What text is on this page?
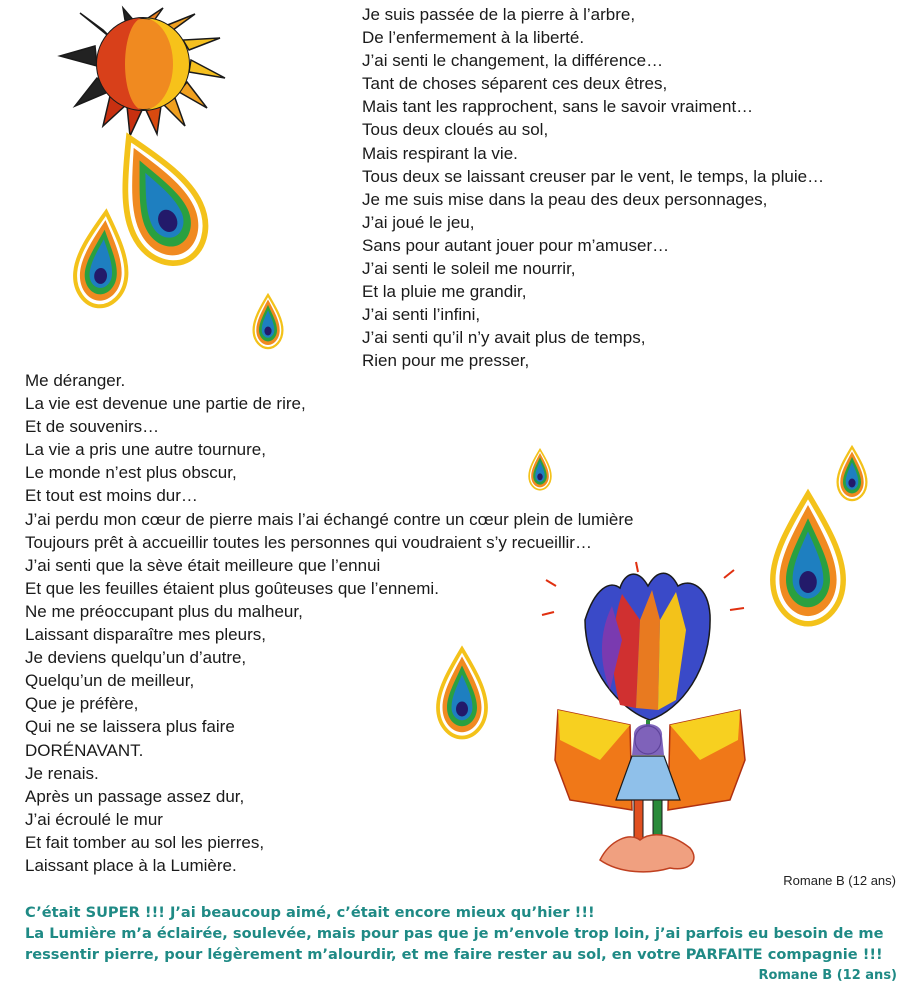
Je suis passée de la pierre à l’arbre,
De l’enfermement à la liberté.
J’ai senti le changement, la différence…
Tant de choses séparent ces deux êtres,
Mais tant les rapprochent, sans le savoir vraiment…
Tous deux cloués au sol,
Mais respirant la vie.
Tous deux se laissant creuser par le vent, le temps, la pluie…
Je me suis mise dans la peau des deux personnages,
J’ai joué le jeu,
Sans pour autant jouer pour m’amuser…
J’ai senti le soleil me nourrir,
Et la pluie me grandir,
J’ai senti l’infini,
J’ai senti qu’il n’y avait plus de temps,
Rien pour me presser,
Me déranger.
La vie est devenue une partie de rire,
Et de souvenirs…
La vie a pris une autre tournure,
Le monde n’est plus obscur,
Et tout est moins dur…
J’ai perdu mon cœur de pierre mais l’ai échangé contre un cœur plein de lumière
Toujours prêt à accueillir toutes les personnes qui voudraient s’y recueillir…
J’ai senti que la sève était meilleure que l’ennui
Et que les feuilles étaient plus goûteuses que l’ennemi.
Ne me préoccupant plus du malheur,
Laissant disparaître mes pleurs,
Je deviens quelqu’un d’autre,
Quelqu’un de meilleur,
Que je préfère,
Qui ne se laissera plus faire
DORÉNAVANT.
Je renais.
Après un passage assez dur,
J’ai écroulé le mur
Et fait tomber au sol les pierres,
Laissant place à la Lumière.
Romane B (12 ans)
C’était SUPER !!! J’ai beaucoup aimé, c’était encore mieux qu’hier !!!
La Lumière m’a éclairée, soulevée, mais pour pas que je m’envole trop loin, j’ai parfois eu besoin de me
ressentir pierre, pour légèrement m’alourdir, et me faire rester au sol, en votre PARFAITE compagnie !!!
Romane B (12 ans)
